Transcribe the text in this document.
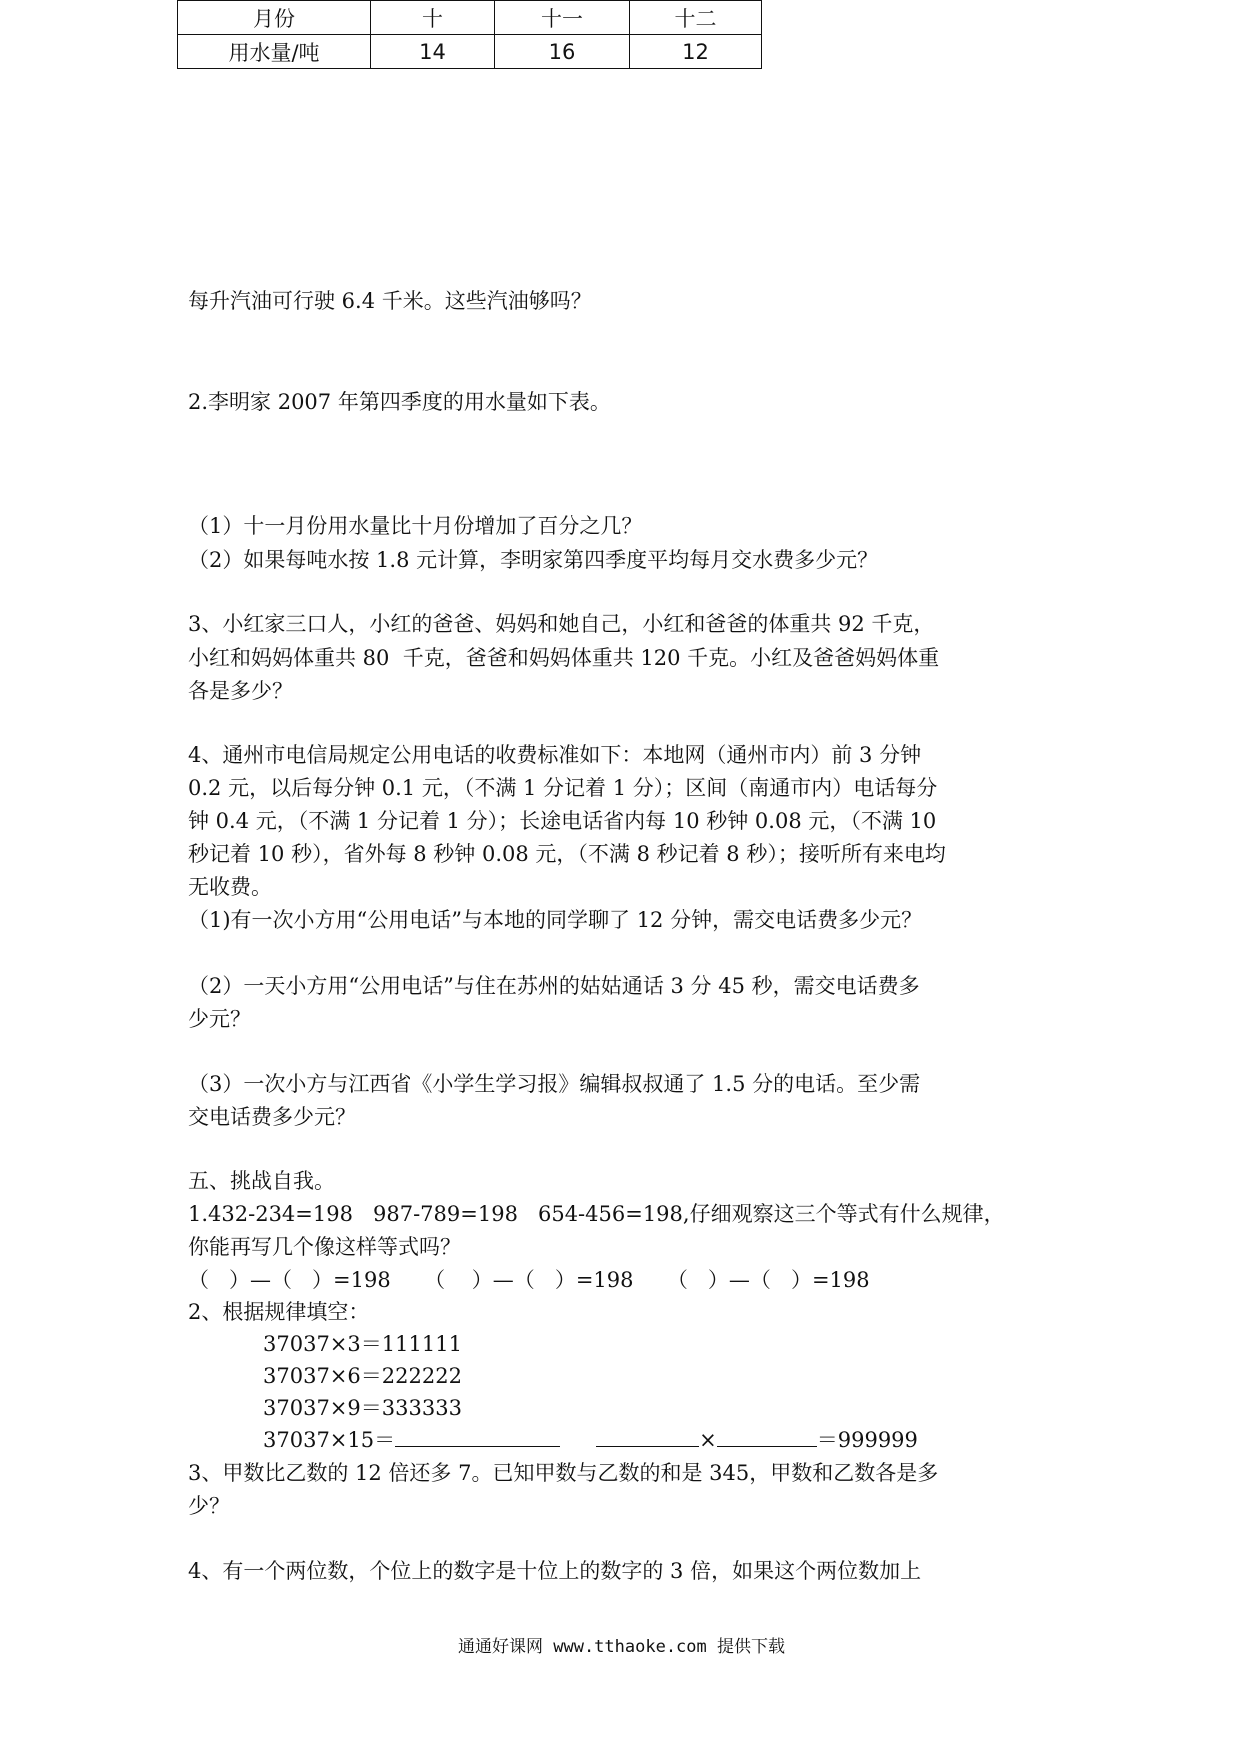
月份	十	十一	十二
用水量/吨	14	16	12
每升汽油可行驶 6.4 千米。这些汽油够吗？
2.李明家 2007 年第四季度的用水量如下表。
（1）十一月份用水量比十月份增加了百分之几？
（2）如果每吨水按 1.8 元计算，李明家第四季度平均每月交水费多少元？
3、小红家三口人，小红的爸爸、妈妈和她自己，小红和爸爸的体重共 92 千克，
小红和妈妈体重共 80  千克，爸爸和妈妈体重共 120 千克。小红及爸爸妈妈体重
各是多少？
4、通州市电信局规定公用电话的收费标准如下：本地网（通州市内）前 3 分钟
0.2 元，以后每分钟 0.1 元，（不满 1 分记着 1 分）；区间（南通市内）电话每分
钟 0.4 元，（不满 1 分记着 1 分）；长途电话省内每 10 秒钟 0.08 元，（不满 10
秒记着 10 秒），省外每 8 秒钟 0.08 元，（不满 8 秒记着 8 秒）；接听所有来电均
无收费。
（1)有一次小方用“公用电话”与本地的同学聊了 12 分钟，需交电话费多少元？
（2）一天小方用“公用电话”与住在苏州的姑姑通话 3 分 45 秒，需交电话费多
少元？
（3）一次小方与江西省《小学生学习报》编辑叔叔通了 1.5 分的电话。至少需
交电话费多少元？
五、挑战自我。
1.432-234=198   987-789=198   654-456=198,仔细观察这三个等式有什么规律，
你能再写几个像这样等式吗？
（   ）—（   ）=198     （    ）—（   ）=198     （   ）—（   ）=198
2、根据规律填空：
37037×3＝111111
37037×6＝222222
37037×9＝333333
37037×15＝	×	＝999999
3、甲数比乙数的 12 倍还多 7。已知甲数与乙数的和是 345，甲数和乙数各是多
少？
4、有一个两位数，个位上的数字是十位上的数字的 3 倍，如果这个两位数加上
通通好课网 www.tthaoke.com 提供下载
